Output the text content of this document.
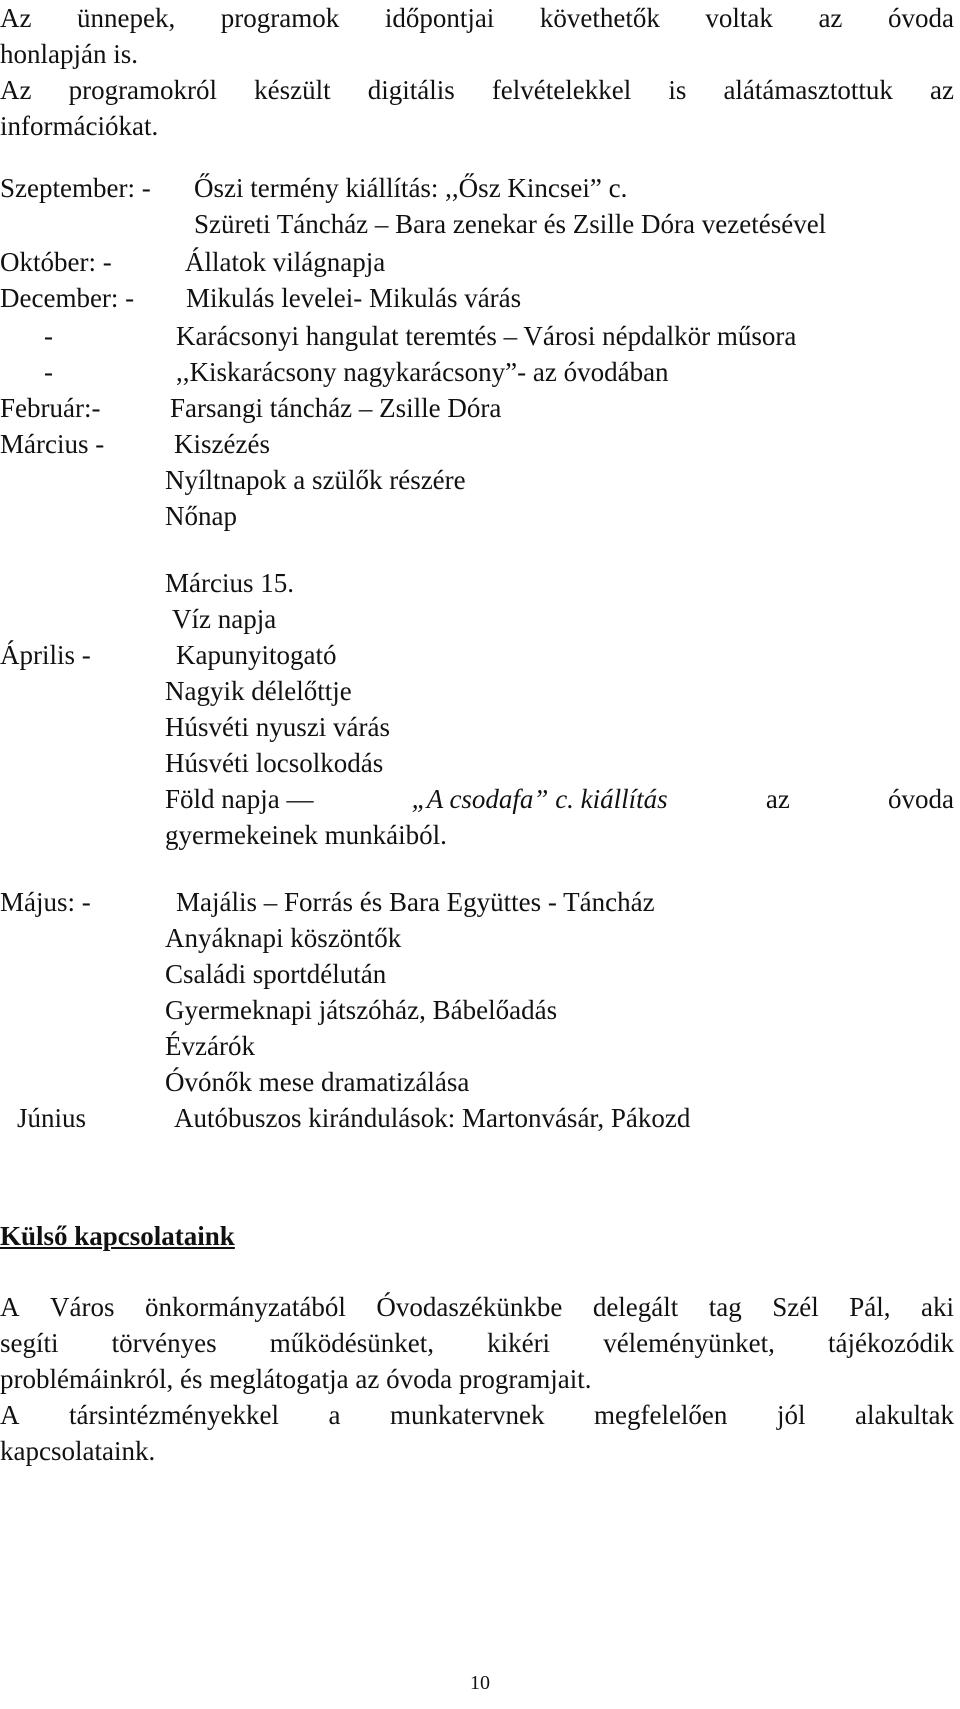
Az ünnepek, programok időpontjai követhetők voltak az óvoda
honlapján is.
Az programokról készült digitális felvételekkel is alátámasztottuk az
információkat.
Szeptember: - Őszi termény kiállítás: ,,Ősz Kincsei” c.
Szüreti Táncház – Bara zenekar és Zsille Dóra vezetésével
Október: -	Állatok világnapja
December: - Mikulás levelei- Mikulás várás
-	Karácsonyi hangulat teremtés – Városi népdalkör műsora
-	,,Kiskarácsony nagykarácsony”- az óvodában
Február:-	Farsangi táncház – Zsille Dóra
Március -	Kiszézés
Nyíltnapok a szülők részére
Nőnap
Március 15.
Víz napja
Április -	Kapunyitogató
Nagyik délelőttje
Húsvéti nyuszi várás
Húsvéti locsolkodás
Föld napja ―	„A csodafa” c. kiállítás	az	óvoda
gyermekeinek munkáiból.
Május: -	Majális – Forrás és Bara Együttes - Táncház
Anyáknapi köszöntők
Családi sportdélután
Gyermeknapi játszóház, Bábelőadás
Évzárók
Óvónők mese dramatizálása
Június	Autóbuszos kirándulások: Martonvásár, Pákozd
Külső kapcsolataink
A Város önkormányzatából Óvodaszékünkbe delegált tag Szél Pál, aki
segíti törvényes működésünket, kikéri véleményünket, tájékozódik
problémáinkról, és meglátogatja az óvoda programjait.
A társintézményekkel a munkatervnek megfelelően jól alakultak
kapcsolataink.
10
